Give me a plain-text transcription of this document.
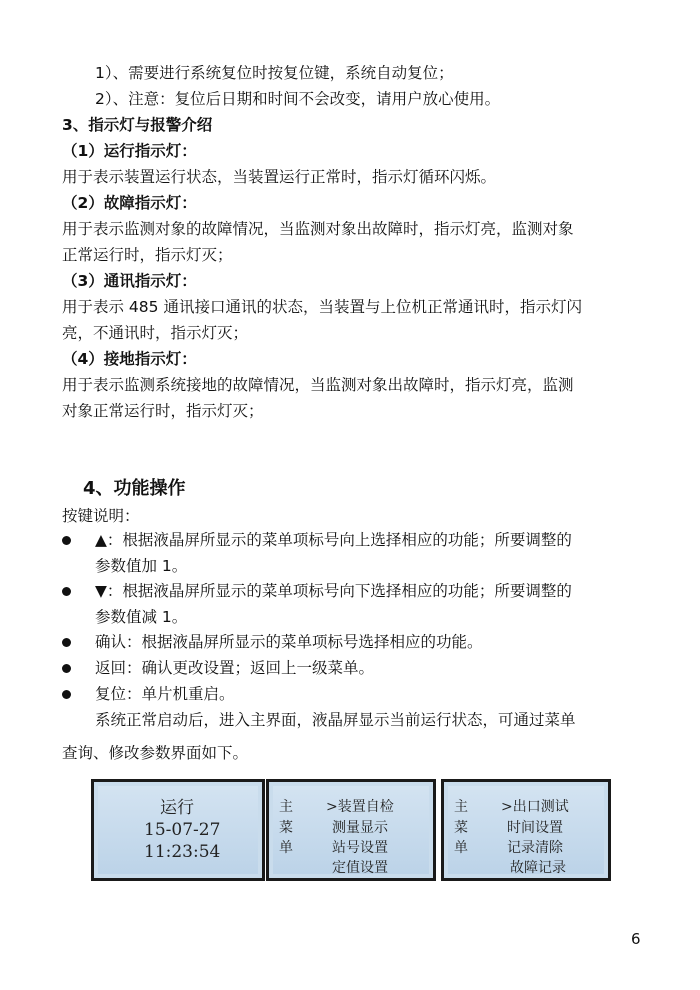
1）、需要进行系统复位时按复位键，系统自动复位；
2）、注意：复位后日期和时间不会改变，请用户放心使用。
3、指示灯与报警介绍
（1）运行指示灯：
用于表示装置运行状态，当装置运行正常时，指示灯循环闪烁。
（2）故障指示灯：
用于表示监测对象的故障情况，当监测对象出故障时，指示灯亮，监测对象
正常运行时，指示灯灭；
（3）通讯指示灯：
用于表示 485 通讯接口通讯的状态，当装置与上位机正常通讯时，指示灯闪
亮，不通讯时，指示灯灭；
（4）接地指示灯：
用于表示监测系统接地的故障情况，当监测对象出故障时，指示灯亮，监测
对象正常运行时，指示灯灭；
4、功能操作
按键说明：
▲：根据液晶屏所显示的菜单项标号向上选择相应的功能；所要调整的
参数值加 1。
▼：根据液晶屏所显示的菜单项标号向下选择相应的功能；所要调整的
参数值减 1。
确认：根据液晶屏所显示的菜单项标号选择相应的功能。
返回：确认更改设置；返回上一级菜单。
复位：单片机重启。
系统正常启动后，进入主界面，液晶屏显示当前运行状态，可通过菜单
查询、修改参数界面如下。
运行
15-07-27
11:23:54
主
菜
单
>装置自检
测量显示
站号设置
定值设置
主
菜
单
>出口测试
时间设置
记录清除
故障记录
6
